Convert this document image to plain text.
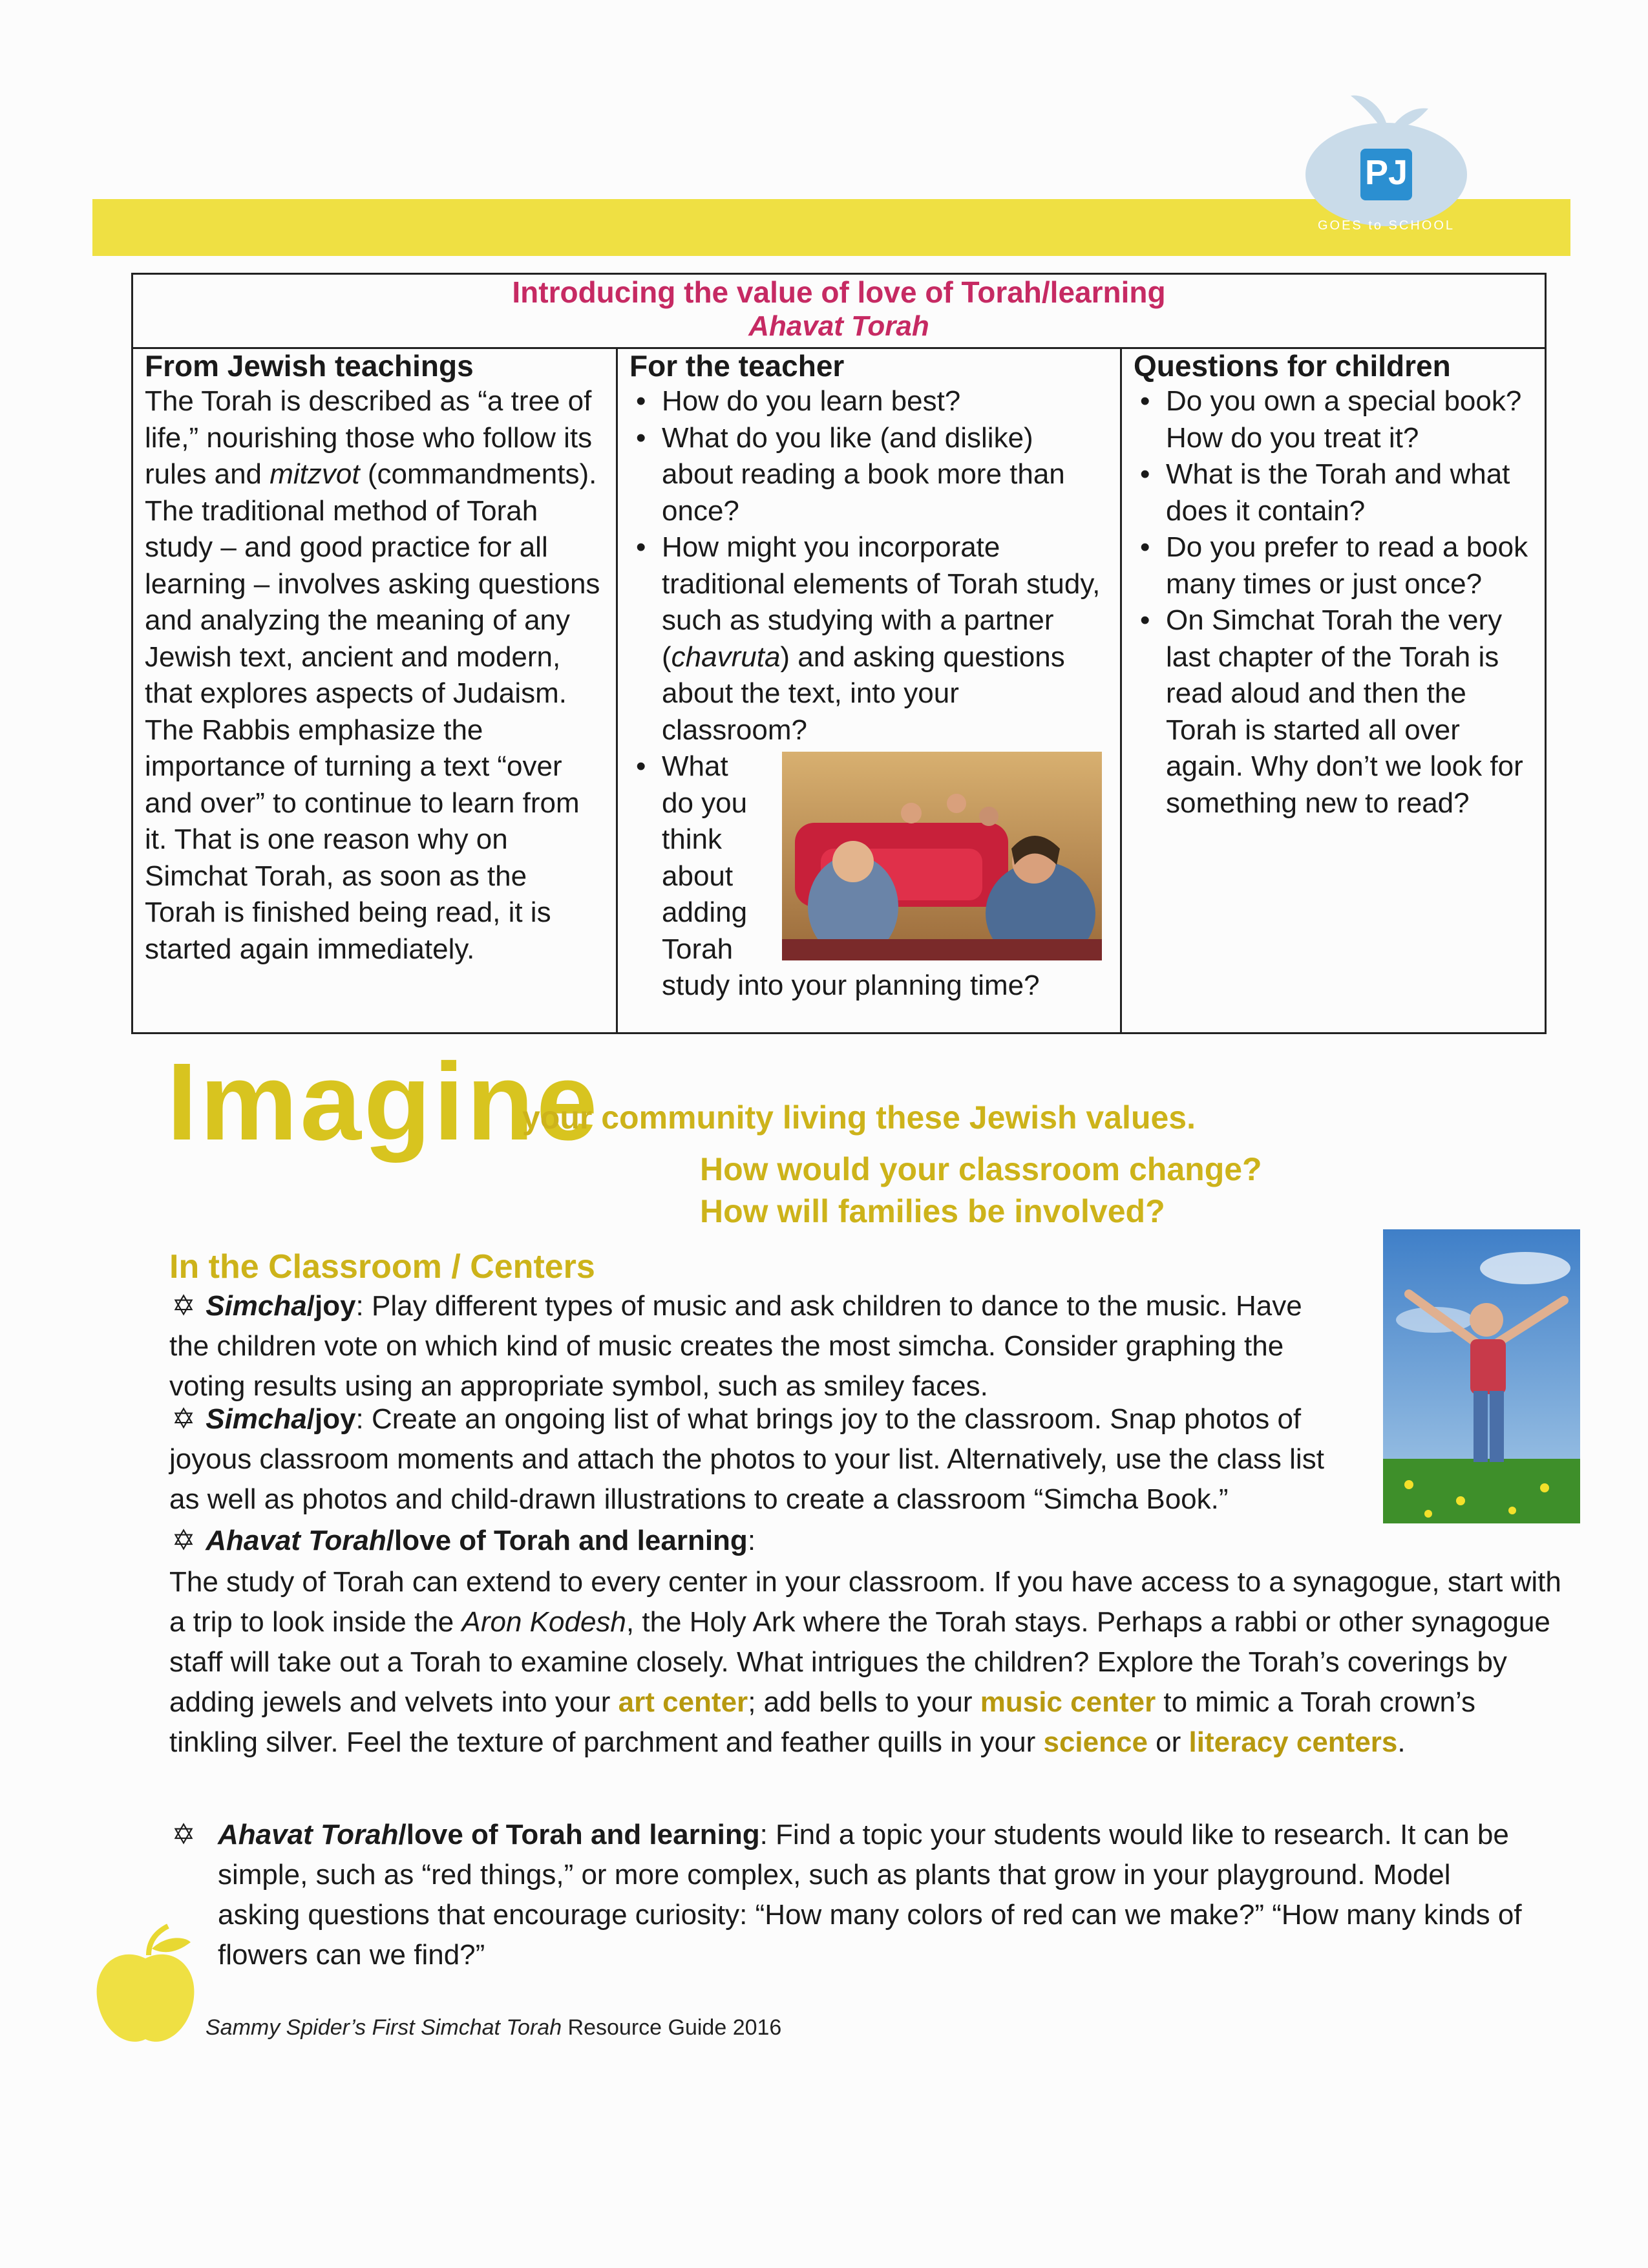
PJ
GOES to SCHOOL
Introducing the value of love of Torah/learning
Ahavat Torah
From Jewish teachings
The Torah is described as “a tree of life,” nourishing those who follow its rules and mitzvot (commandments). The traditional method of Torah study – and good practice for all learning – involves asking questions and analyzing the meaning of any Jewish text, ancient and modern, that explores aspects of Judaism. The Rabbis emphasize the importance of turning a text “over and over” to continue to learn from it. That is one reason why on Simchat Torah, as soon as the Torah is finished being read, it is started again immediately.
For the teacher
• How do you learn best?
• What do you like (and dislike) about reading a book more than once?
• How might you incorporate traditional elements of Torah study, such as studying with a partner (chavruta) and asking questions about the text, into your classroom?
• What
do you
think
about
adding
Torah
study into your planning time?
Questions for children
• Do you own a special book? How do you treat it?
• What is the Torah and what does it contain?
• Do you prefer to read a book many times or just once?
• On Simchat Torah the very last chapter of the Torah is read aloud and then the Torah is started all over again. Why don’t we look for something new to read?
Imagine
your community living these Jewish values.
How would your classroom change?
How will families be involved?
In the Classroom / Centers
✡ Simcha/joy: Play different types of music and ask children to dance to the music. Have the children vote on which kind of music creates the most simcha. Consider graphing the voting results using an appropriate symbol, such as smiley faces.
✡ Simcha/joy: Create an ongoing list of what brings joy to the classroom. Snap photos of joyous classroom moments and attach the photos to your list. Alternatively, use the class list as well as photos and child-drawn illustrations to create a classroom “Simcha Book.”
✡ Ahavat Torah/love of Torah and learning:
The study of Torah can extend to every center in your classroom. If you have access to a synagogue, start with a trip to look inside the Aron Kodesh, the Holy Ark where the Torah stays. Perhaps a rabbi or other synagogue staff will take out a Torah to examine closely. What intrigues the children? Explore the Torah’s coverings by adding jewels and velvets into your art center; add bells to your music center to mimic a Torah crown’s tinkling silver. Feel the texture of parchment and feather quills in your science or literacy centers.
✡ Ahavat Torah/love of Torah and learning: Find a topic your students would like to research. It can be simple, such as “red things,” or more complex, such as plants that grow in your playground. Model asking questions that encourage curiosity: “How many colors of red can we make?” “How many kinds of flowers can we find?”
Sammy Spider’s First Simchat Torah Resource Guide 2016
